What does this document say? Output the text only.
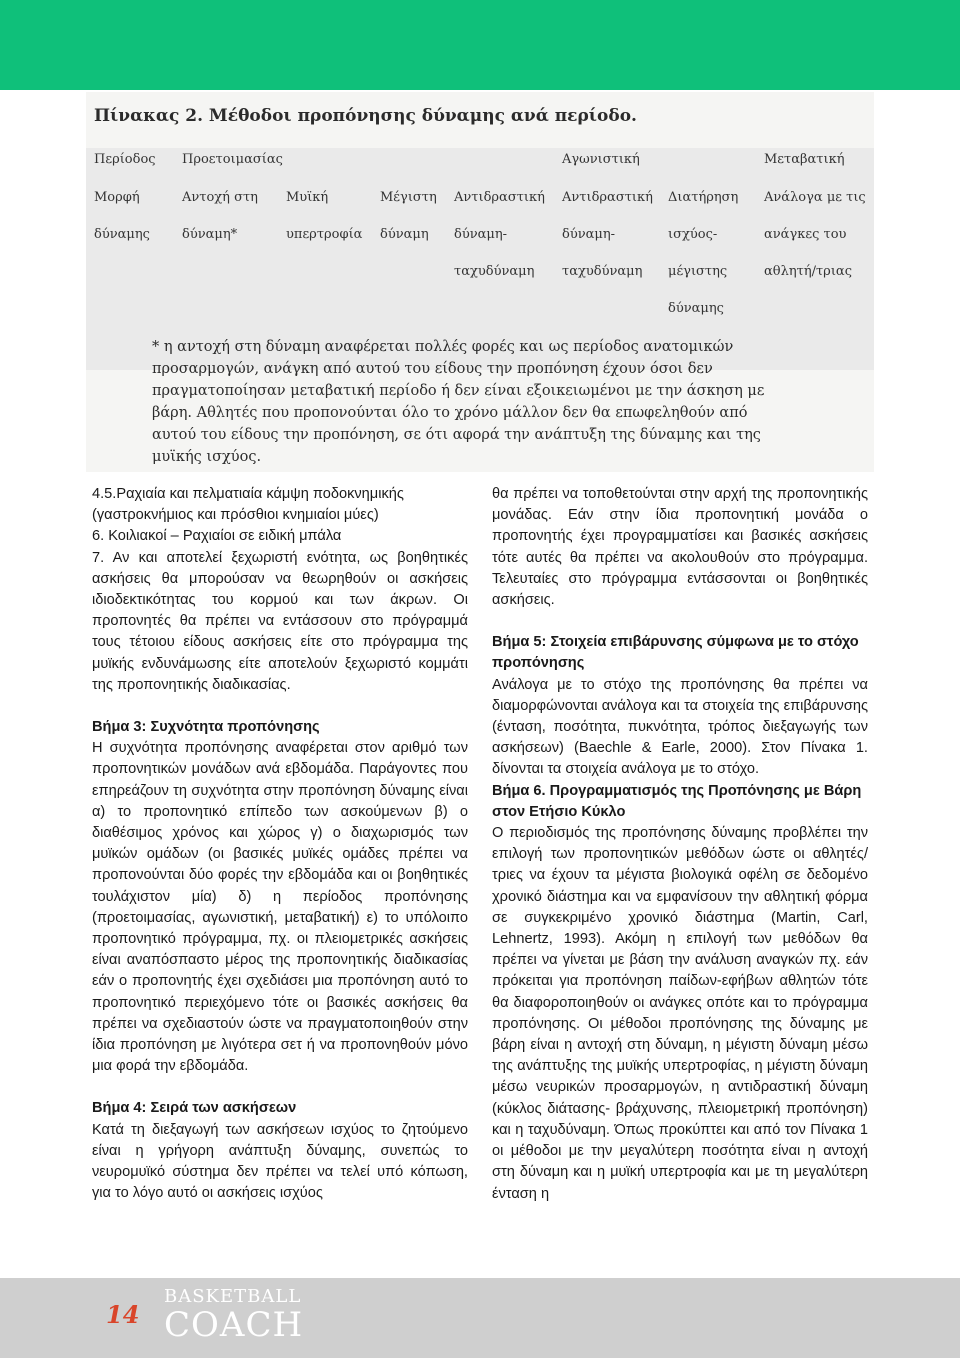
Πίνακας 2. Μέθοδοι προπόνησης δύναμης ανά περίοδο.
Περίοδος Προετοιμασίας	Αγωνιστική	Μεταβατική
Μορφή
δύναμης
Αντοχή στη
δύναμη*
Μυϊκή
υπερτροφία
Μέγιστη
δύναμη
Αντιδραστική
δύναμη-
ταχυδύναμη
Αντιδραστική
δύναμη-
ταχυδύναμη
Διατήρηση
ισχύος-
μέγιστης
δύναμης
Ανάλογα με τις
ανάγκες του
αθλητή/τριας
* η αντοχή στη δύναμη αναφέρεται πολλές φορές και ως περίοδος ανατομικών
προσαρμογών, ανάγκη από αυτού του είδους την προπόνηση έχουν όσοι δεν
πραγματοποίησαν μεταβατική περίοδο ή δεν είναι εξοικειωμένοι με την άσκηση με
βάρη. Αθλητές που προπονούνται όλο το χρόνο μάλλον δεν θα επωφεληθούν από
αυτού του είδους την προπόνηση, σε ότι αφορά την ανάπτυξη της δύναμης και της
μυϊκής ισχύος.

4.5.Ραχιαία και πελματιαία κάμψη ποδοκνημικής (γαστροκνήμιος και πρόσθιοι κνημιαίοι μύες)

6. Κοιλιακοί – Ραχιαίοι σε ειδική μπάλα

7. Αν και αποτελεί ξεχωριστή ενότητα, ως βοηθητικές ασκήσεις θα μπορούσαν να θεωρηθούν οι ασκήσεις ιδιοδεκτικότητας του κορμού και των άκρων. Οι προπονητές θα πρέπει να εντάσσουν στο πρόγραμμά τους τέτοιου είδους ασκήσεις είτε στο πρόγραμμα της μυϊκής ενδυνάμωσης είτε αποτελούν ξεχωριστό κομμάτι της προπονητικής διαδικασίας.

Βήμα 3: Συχνότητα προπόνησης

Η συχνότητα προπόνησης αναφέρεται στον αριθμό των προπονητικών μονάδων ανά εβδομάδα. Παράγοντες που επηρεάζουν τη συχνότητα στην προπόνηση δύναμης είναι α) το προπονητικό επίπεδο των ασκούμενων β) ο διαθέσιμος χρόνος και χώρος γ) ο διαχωρισμός των μυϊκών ομάδων (οι βασικές μυϊκές ομάδες πρέπει να προπονούνται δύο φορές την εβδομάδα και οι βοηθητικές τουλάχιστον μία) δ) η περίοδος προπόνησης (προετοιμασίας, αγωνιστική, μεταβατική) ε) το υπόλοιπο προπονητικό πρόγραμμα, πχ. οι πλειομετρικές ασκήσεις είναι αναπόσπαστο μέρος της προπονητικής διαδικασίας εάν ο προπονητής έχει σχεδιάσει μια προπόνηση αυτό το προπονητικό περιεχόμενο τότε οι βασικές ασκήσεις θα πρέπει να σχεδιαστούν ώστε να πραγματοποιηθούν στην ίδια προπόνηση με λιγότερα σετ ή να προπονηθούν μόνο μια φορά την εβδομάδα.

Βήμα 4: Σειρά των ασκήσεων

Κατά τη διεξαγωγή των ασκήσεων ισχύος το ζητούμενο είναι η γρήγορη ανάπτυξη δύναμης, συνεπώς το νευρομυϊκό σύστημα δεν πρέπει να τελεί υπό κόπωση, για το λόγο αυτό οι ασκήσεις ισχύος

θα πρέπει να τοποθετούνται στην αρχή της προπονητικής μονάδας. Εάν στην ίδια προπονητική μονάδα ο προπονητής έχει προγραμματίσει και βασικές ασκήσεις τότε αυτές θα πρέπει να ακολουθούν στο πρόγραμμα. Τελευταίες στο πρόγραμμα εντάσσονται οι βοηθητικές ασκήσεις.

Βήμα 5: Στοιχεία επιβάρυνσης σύμφωνα με το στόχο προπόνησης

Ανάλογα με το στόχο της προπόνησης θα πρέπει να διαμορφώνονται ανάλογα και τα στοιχεία της επιβάρυνσης (ένταση, ποσότητα, πυκνότητα, τρόπος διεξαγωγής των ασκήσεων) (Baechle & Earle, 2000). Στον Πίνακα 1. δίνονται τα στοιχεία ανάλογα με το στόχο.

Βήμα 6. Προγραμματισμός της Προπόνησης με Βάρη στον Ετήσιο Κύκλο

Ο περιοδισμός της προπόνησης δύναμης προβλέπει την επιλογή των προπονητικών μεθόδων ώστε οι αθλητές/ τριες να έχουν τα μέγιστα βιολογικά οφέλη σε δεδομένο χρονικό διάστημα και να εμφανίσουν την αθλητική φόρμα σε συγκεκριμένο χρονικό διάστημα (Martin, Carl, Lehnertz, 1993). Ακόμη η επιλογή των μεθόδων θα πρέπει να γίνεται με βάση την ανάλυση αναγκών πχ. εάν πρόκειται για προπόνηση παίδων-εφήβων αθλητών τότε θα διαφοροποιηθούν οι ανάγκες οπότε και το πρόγραμμα προπόνησης. Οι μέθοδοι προπόνησης της δύναμης με βάρη είναι η αντοχή στη δύναμη, η μέγιστη δύναμη μέσω της ανάπτυξης της μυϊκής υπερτροφίας, η μέγιστη δύναμη μέσω νευρικών προσαρμογών, η αντιδραστική δύναμη (κύκλος διάτασης- βράχυνσης, πλειομετρική προπόνηση) και η ταχυδύναμη. Όπως προκύπτει και από τον Πίνακα 1 οι μέθοδοι με την μεγαλύτερη ποσότητα είναι η αντοχή στη δύναμη και η μυϊκή υπερτροφία και με τη μεγαλύτερη ένταση η

14
BASKETBALL
COACH
